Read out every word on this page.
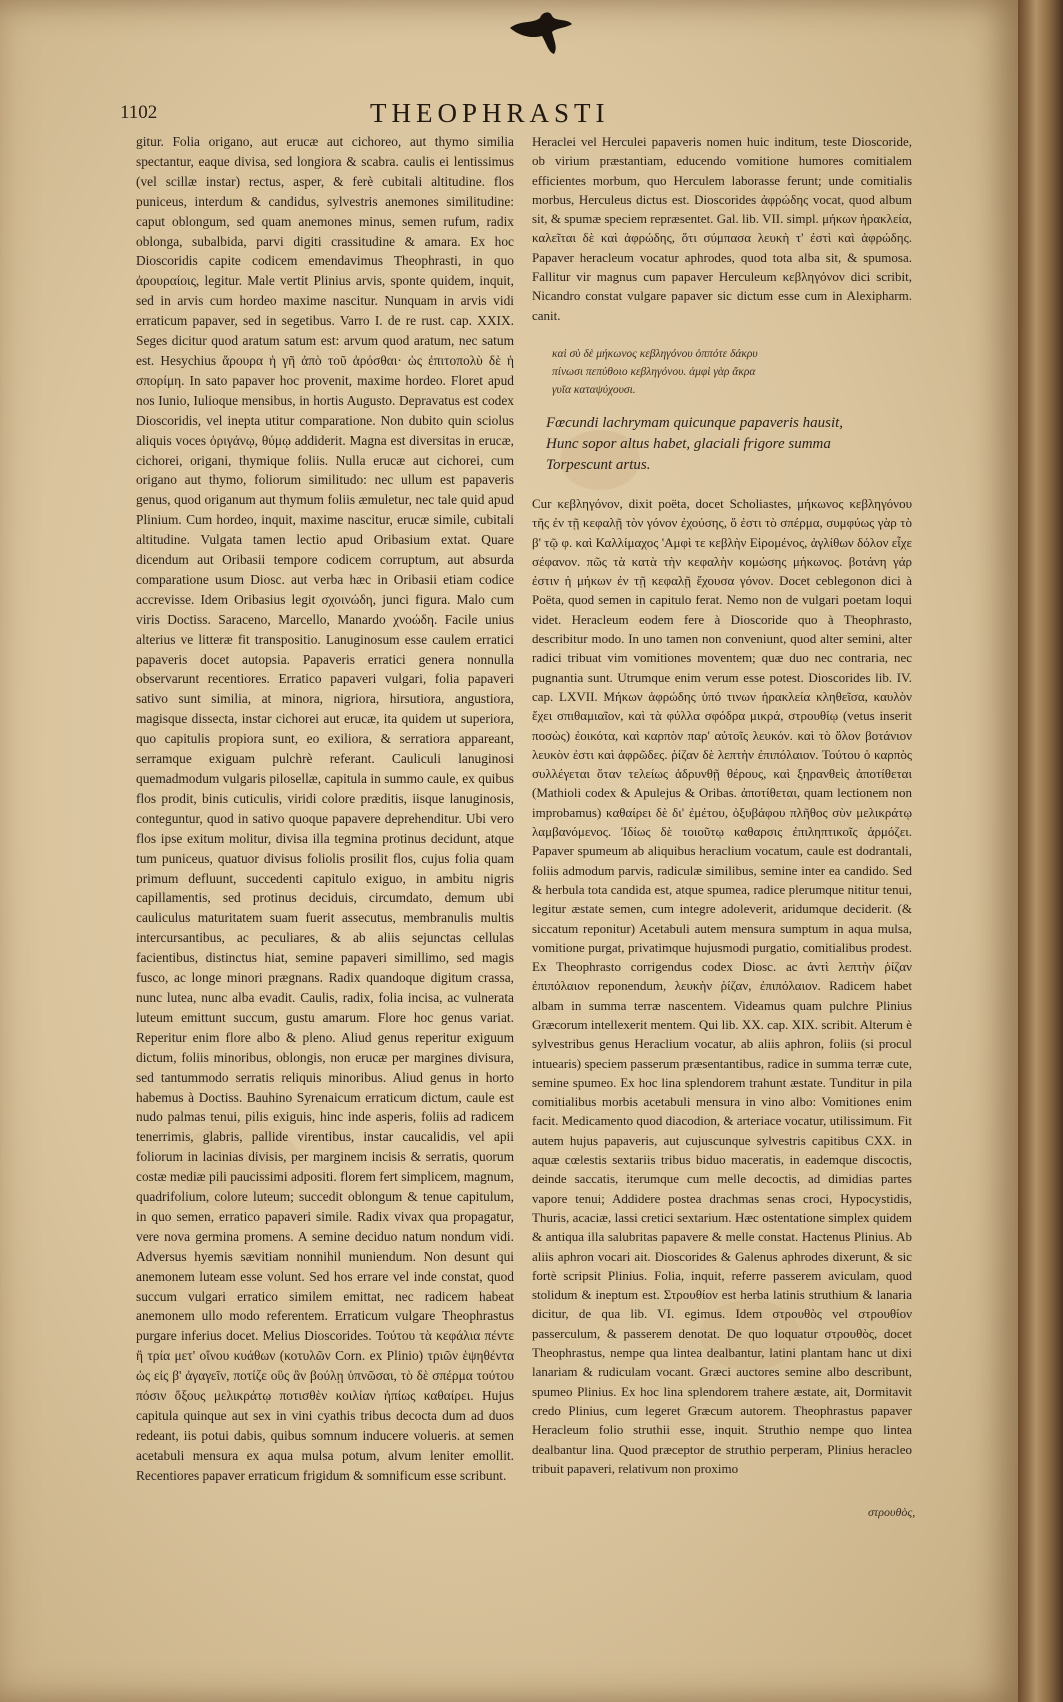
1102	THEOPHRASTI

gitur. Folia origano, aut erucæ aut cichoreo, aut thymo similia spectantur, eaque divisa, sed longiora & scabra. caulis ei lentissimus (vel scillæ instar) rectus, asper, & ferè cubitali altitudine. flos puniceus, interdum & candidus, sylvestris anemones similitudine: caput oblongum, sed quam anemones minus, semen rufum, radix oblonga, subalbida, parvi digiti crassitudine & amara. Ex hoc Dioscoridis capite codicem emendavimus Theophrasti, in quo ἀρουραίοις, legitur. Male vertit Plinius arvis, sponte quidem, inquit, sed in arvis cum hordeo maxime nascitur. Nunquam in arvis vidi erraticum papaver, sed in segetibus. Varro I. de re rust. cap. XXIX. Seges dicitur quod aratum satum est: arvum quod aratum, nec satum est. Hesychius ἄρουρα ἡ γῆ ἀπὸ τοῦ ἀρόσθαι· ὡς ἐπιτοπολὺ δὲ ἡ σπορίμη. In sato papaver hoc provenit, maxime hordeo. Floret apud nos Iunio, Iulioque mensibus, in hortis Augusto. Depravatus est codex Dioscoridis, vel inepta utitur comparatione. Non dubito quin sciolus aliquis voces ὀριγάνῳ, θύμῳ addiderit. Magna est diversitas in erucæ, cichorei, origani, thymique foliis. Nulla erucæ aut cichorei, cum origano aut thymo, foliorum similitudo: nec ullum est papaveris genus, quod origanum aut thymum foliis æmuletur, nec tale quid apud Plinium. Cum hordeo, inquit, maxime nascitur, erucæ simile, cubitali altitudine. Vulgata tamen lectio apud Oribasium extat. Quare dicendum aut Oribasii tempore codicem corruptum, aut absurda comparatione usum Diosc. aut verba hæc in Oribasii etiam codice accrevisse. Idem Oribasius legit σχοινώδη, junci figura. Malo cum viris Doctiss. Saraceno, Marcello, Manardo χνοώδη. Facile unius alterius ve litteræ fit transpositio. Lanuginosum esse caulem erratici papaveris docet autopsia. Papaveris erratici genera nonnulla observarunt recentiores. Erratico papaveri vulgari, folia papaveri sativo sunt similia, at minora, nigriora, hirsutiora, angustiora, magisque dissecta, instar cichorei aut erucæ, ita quidem ut superiora, quo capitulis propiora sunt, eo exiliora, & serratiora appareant, serramque exiguam pulchrè referant. Cauliculi lanuginosi quemadmodum vulgaris pilosellæ, capitula in summo caule, ex quibus flos prodit, binis cuticulis, viridi colore præditis, iisque lanuginosis, conteguntur, quod in sativo quoque papavere deprehenditur. Ubi vero flos ipse exitum molitur, divisa illa tegmina protinus decidunt, atque tum puniceus, quatuor divisus foliolis prosilit flos, cujus folia quam primum defluunt, succedenti capitulo exiguo, in ambitu nigris capillamentis, sed protinus deciduis, circumdato, demum ubi cauliculus maturitatem suam fuerit assecutus, membranulis multis intercursantibus, ac peculiares, & ab aliis sejunctas cellulas facientibus, distinctus hiat, semine papaveri simillimo, sed magis fusco, ac longe minori prægnans. Radix quandoque digitum crassa, nunc lutea, nunc alba evadit. Caulis, radix, folia incisa, ac vulnerata luteum emittunt succum, gustu amarum. Flore hoc genus variat. Reperitur enim flore albo & pleno. Aliud genus reperitur exiguum dictum, foliis minoribus, oblongis, non erucæ per margines divisura, sed tantummodo serratis reliquis minoribus. Aliud genus in horto habemus à Doctiss. Bauhino Syrenaicum erraticum dictum, caule est nudo palmas tenui, pilis exiguis, hinc inde asperis, foliis ad radicem tenerrimis, glabris, pallide virentibus, instar caucalidis, vel apii foliorum in lacinias divisis, per marginem incisis & serratis, quorum costæ mediæ pili paucissimi adpositi. florem fert simplicem, magnum, quadrifolium, colore luteum; succedit oblongum & tenue capitulum, in quo semen, erratico papaveri simile. Radix vivax qua propagatur, vere nova germina promens. A semine deciduo natum nondum vidi. Adversus hyemis sævitiam nonnihil muniendum. Non desunt qui anemonem luteam esse volunt. Sed hos errare vel inde constat, quod succum vulgari erratico similem emittat, nec radicem habeat anemonem ullo modo referentem. Erraticum vulgare Theophrastus purgare inferius docet. Melius Dioscorides. Τούτου τὰ κεφάλια πέντε ἢ τρία μετ' οἴνου κυάθων (κοτυλῶν Corn. ex Plinio) τριῶν ἑψηθέντα ὡς εἰς β' ἀγαγεῖν, ποτίζε οὓς ἂν βούλῃ ὑπνῶσαι, τὸ δὲ σπέρμα τούτου πόσιν ὄξους μελικράτῳ ποτισθὲν κοιλίαν ἠπίως καθαίρει. Hujus capitula quinque aut sex in vini cyathis tribus decocta dum ad duos redeant, iis potui dabis, quibus somnum inducere volueris. at semen acetabuli mensura ex aqua mulsa potum, alvum leniter emollit. Recentiores papaver erraticum frigidum & somnificum esse scribunt.

Heraclei vel Herculei papaveris nomen huic inditum, teste Dioscoride, ob virium præstantiam, educendo vomitione humores comitialem efficientes morbum, quo Herculem laborasse ferunt; unde comitialis morbus, Herculeus dictus est. Dioscorides ἀφρώδης vocat, quod album sit, & spumæ speciem repræsentet. Gal. lib. VII. simpl. μήκων ἡρακλεία, καλεῖται δὲ καὶ ἀφρώδης, ὅτι σύμπασα λευκὴ τ' ἐστὶ καὶ ἀφρώδης. Papaver heracleum vocatur aphrodes, quod tota alba sit, & spumosa. Fallitur vir magnus cum papaver Herculeum κεβληγόνον dici scribit, Nicandro constat vulgare papaver sic dictum esse cum in Alexipharm. canit.

καὶ σὺ δὲ μήκωνος κεβληγόνου ὁππότε δάκρυ
πίνωσι πεπύθοιο κεβληγόνου. ἀμφὶ γὰρ ἄκρα
γυῖα καταψύχουσι.
Fœcundi lachrymam quicunque papaveris hausit,
Hunc sopor altus habet, glaciali frigore summa
Torpescunt artus.

Cur κεβληγόνον, dixit poëta, docet Scholiastes, μήκωνος κεβληγόνου τῆς ἐν τῇ κεφαλῇ τὸν γόνον ἐχούσης, ὅ ἐστι τὸ σπέρμα, συμφύως γὰρ τὸ β' τῷ φ. καὶ Καλλίμαχος 'Αμφὶ τε κεβλὴν Εἰρομένος, ἀγλίθων δόλον εἶχε σέφανον. πῶς τὰ κατὰ τὴν κεφαλὴν κομώσης μήκωνος. βοτάνη γάρ ἐστιν ἡ μήκων ἐν τῇ κεφαλῇ ἔχουσα γόνον. Docet ceblegonon dici à Poëta, quod semen in capitulo ferat. Nemo non de vulgari poetam loqui videt. Heracleum eodem fere à Dioscoride quo à Theophrasto, describitur modo. In uno tamen non conveniunt, quod alter semini, alter radici tribuat vim vomitiones moventem; quæ duo nec contraria, nec pugnantia sunt. Utrumque enim verum esse potest. Dioscorides lib. IV. cap. LXVII. Μήκων ἀφρώδης ὑπό τινων ἡρακλεία κληθεῖσα, καυλὸν ἔχει σπιθαμιαῖον, καὶ τὰ φύλλα σφόδρα μικρά, στρουθίῳ (vetus inserit ποσὼς) ἐοικότα, καὶ καρπὸν παρ' αὐτοῖς λευκόν. καὶ τὸ ὅλον βοτάνιον λευκὸν ἐστι καὶ ἀφρῶδες. ῥίζαν δὲ λεπτὴν ἐπιπόλαιον. Τούτου ὁ καρπὸς συλλέγεται ὅταν τελείως ἁδρυνθῇ θέρους, καὶ ξηρανθεὶς ἀποτίθεται (Mathioli codex & Apulejus & Oribas. ἀποτίθεται, quam lectionem non improbamus) καθαίρει δὲ δι' ἐμέτου, ὀξυβάφου πλῆθος σὺν μελικράτῳ λαμβανόμενος. Ἰδίως δὲ τοιοῦτῳ καθαρσις ἐπιληπτικοῖς ἁρμόζει. Papaver spumeum ab aliquibus heraclium vocatum, caule est dodrantali, foliis admodum parvis, radiculæ similibus, semine inter ea candido. Sed & herbula tota candida est, atque spumea, radice plerumque nititur tenui, legitur æstate semen, cum integre adoleverit, aridumque deciderit. (& siccatum reponitur) Acetabuli autem mensura sumptum in aqua mulsa, vomitione purgat, privatimque hujusmodi purgatio, comitialibus prodest. Ex Theophrasto corrigendus codex Diosc. ac ἀντὶ λεπτὴν ῥίζαν ἐπιπόλαιον reponendum, λευκὴν ῥίζαν, ἐπιπόλαιον. Radicem habet albam in summa terræ nascentem. Videamus quam pulchre Plinius Græcorum intellexerit mentem. Qui lib. XX. cap. XIX. scribit. Alterum è sylvestribus genus Heraclium vocatur, ab aliis aphron, foliis (si procul intuearis) speciem passerum præsentantibus, radice in summa terræ cute, semine spumeo. Ex hoc lina splendorem trahunt æstate. Tunditur in pila comitialibus morbis acetabuli mensura in vino albo: Vomitiones enim facit. Medicamento quod diacodion, & arteriace vocatur, utilissimum. Fit autem hujus papaveris, aut cujuscunque sylvestris capitibus CXX. in aquæ cœlestis sextariis tribus biduo maceratis, in eademque discoctis, deinde saccatis, iterumque cum melle decoctis, ad dimidias partes vapore tenui; Addidere postea drachmas senas croci, Hypocystidis, Thuris, acaciæ, lassi cretici sextarium. Hæc ostentatione simplex quidem & antiqua illa salubritas papavere & melle constat. Hactenus Plinius. Ab aliis aphron vocari ait. Dioscorides & Galenus aphrodes dixerunt, & sic fortè scripsit Plinius. Folia, inquit, referre passerem aviculam, quod stolidum & ineptum est. Στρουθίον est herba latinis struthium & lanaria dicitur, de qua lib. VI. egimus. Idem στρουθὸς vel στρουθίον passerculum, & passerem denotat. De quo loquatur στρουθὸς, docet Theophrastus, nempe qua lintea dealbantur, latini plantam hanc ut dixi lanariam & rudiculam vocant. Græci auctores semine albo describunt, spumeo Plinius. Ex hoc lina splendorem trahere æstate, ait, Dormitavit credo Plinius, cum legeret Græcum autorem. Theophrastus papaver Heracleum folio struthii esse, inquit. Struthio nempe quo lintea dealbantur lina. Quod præceptor de struthio perperam, Plinius heracleo tribuit papaveri, relativum non proximo

στρουθὸς,
